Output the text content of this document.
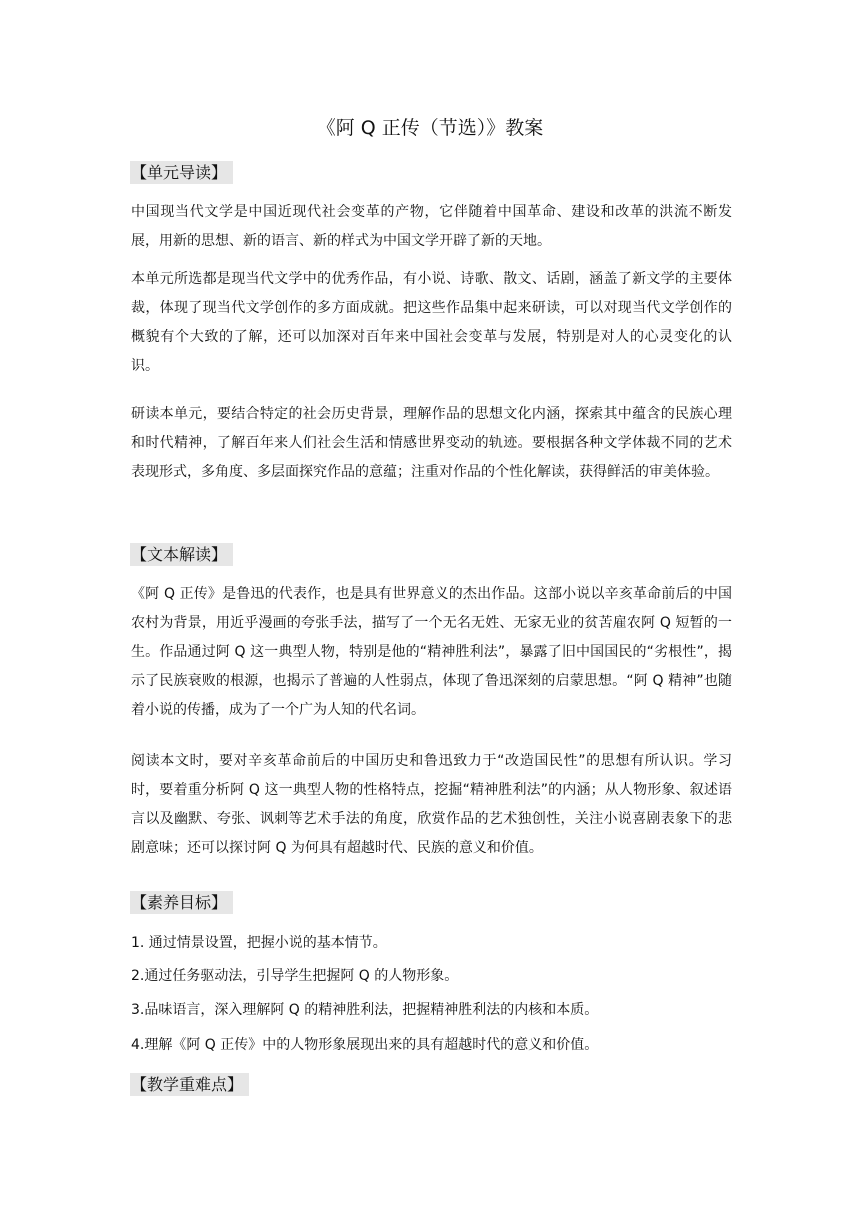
《阿 Q 正传（节选）》教案
【单元导读】

中国现当代文学是中国近现代社会变革的产物，它伴随着中国革命、建设和改革的洪流不断发展，用新的思想、新的语言、新的样式为中国文学开辟了新的天地。

本单元所选都是现当代文学中的优秀作品，有小说、诗歌、散文、话剧，涵盖了新文学的主要体裁，体现了现当代文学创作的多方面成就。把这些作品集中起来研读，可以对现当代文学创作的概貌有个大致的了解，还可以加深对百年来中国社会变革与发展，特别是对人的心灵变化的认识。

研读本单元，要结合特定的社会历史背景，理解作品的思想文化内涵，探索其中蕴含的民族心理和时代精神，了解百年来人们社会生活和情感世界变动的轨迹。要根据各种文学体裁不同的艺术表现形式，多角度、多层面探究作品的意蕴；注重对作品的个性化解读，获得鲜活的审美体验。

【文本解读】

《阿 Q 正传》是鲁迅的代表作，也是具有世界意义的杰出作品。这部小说以辛亥革命前后的中国农村为背景，用近乎漫画的夸张手法，描写了一个无名无姓、无家无业的贫苦雇农阿 Q 短暂的一生。作品通过阿 Q 这一典型人物，特别是他的“精神胜利法”，暴露了旧中国国民的“劣根性”，揭示了民族衰败的根源，也揭示了普遍的人性弱点，体现了鲁迅深刻的启蒙思想。“阿 Q 精神”也随着小说的传播，成为了一个广为人知的代名词。

阅读本文时，要对辛亥革命前后的中国历史和鲁迅致力于“改造国民性”的思想有所认识。学习时，要着重分析阿 Q 这一典型人物的性格特点，挖掘“精神胜利法”的内涵；从人物形象、叙述语言以及幽默、夸张、讽刺等艺术手法的角度，欣赏作品的艺术独创性，关注小说喜剧表象下的悲剧意味；还可以探讨阿 Q 为何具有超越时代、民族的意义和价值。

【素养目标】

1. 通过情景设置，把握小说的基本情节。

2.通过任务驱动法，引导学生把握阿 Q 的人物形象。

3.品味语言，深入理解阿 Q 的精神胜利法，把握精神胜利法的内核和本质。

4.理解《阿 Q 正传》中的人物形象展现出来的具有超越时代的意义和价值。

【教学重难点】
